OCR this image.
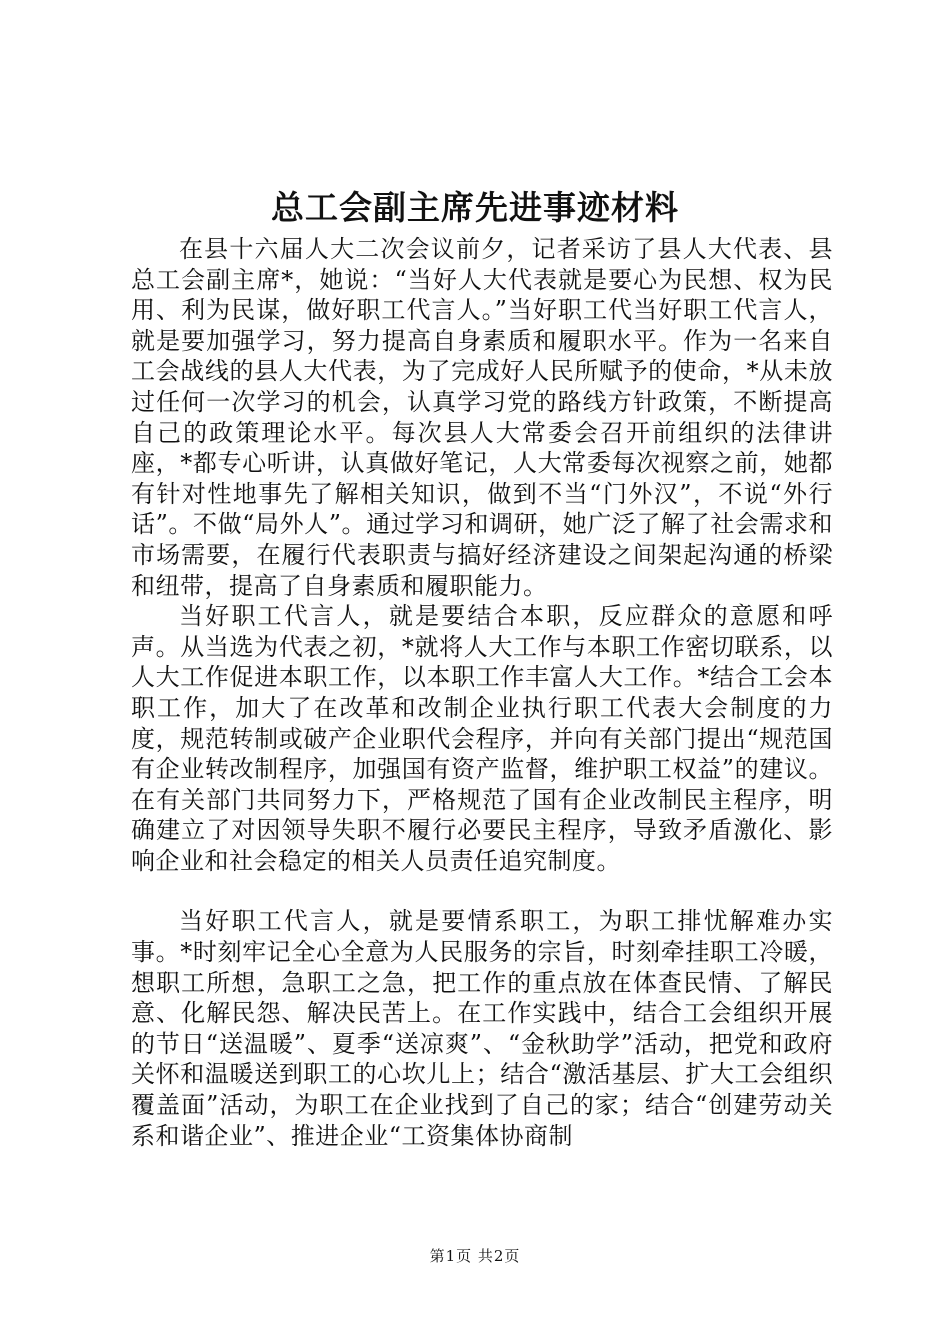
总工会副主席先进事迹材料

在县十六届人大二次会议前夕，记者采访了县人大代表、县总工会副主席*，她说：“当好人大代表就是要心为民想、权为民用、利为民谋，做好职工代言人。”当好职工代当好职工代言人，就是要加强学习，努力提高自身素质和履职水平。作为一名来自工会战线的县人大代表，为了完成好人民所赋予的使命，*从未放过任何一次学习的机会，认真学习党的路线方针政策，不断提高自己的政策理论水平。每次县人大常委会召开前组织的法律讲座，*都专心听讲，认真做好笔记，人大常委每次视察之前，她都有针对性地事先了解相关知识，做到不当“门外汉”，不说“外行话”。不做“局外人”。通过学习和调研，她广泛了解了社会需求和市场需要，在履行代表职责与搞好经济建设之间架起沟通的桥梁和纽带，提高了自身素质和履职能力。

当好职工代言人，就是要结合本职，反应群众的意愿和呼声。从当选为代表之初，*就将人大工作与本职工作密切联系，以人大工作促进本职工作，以本职工作丰富人大工作。*结合工会本职工作，加大了在改革和改制企业执行职工代表大会制度的力度，规范转制或破产企业职代会程序，并向有关部门提出“规范国有企业转改制程序，加强国有资产监督，维护职工权益”的建议。在有关部门共同努力下，严格规范了国有企业改制民主程序，明确建立了对因领导失职不履行必要民主程序，导致矛盾激化、影响企业和社会稳定的相关人员责任追究制度。

当好职工代言人，就是要情系职工，为职工排忧解难办实事。*时刻牢记全心全意为人民服务的宗旨，时刻牵挂职工冷暖，想职工所想，急职工之急，把工作的重点放在体查民情、了解民意、化解民怨、解决民苦上。在工作实践中，结合工会组织开展的节日“送温暖”、夏季“送凉爽”、“金秋助学”活动，把党和政府关怀和温暖送到职工的心坎儿上；结合“激活基层、扩大工会组织覆盖面”活动，为职工在企业找到了自己的家；结合“创建劳动关系和谐企业”、推进企业“工资集体协商制

第1页 共2页
